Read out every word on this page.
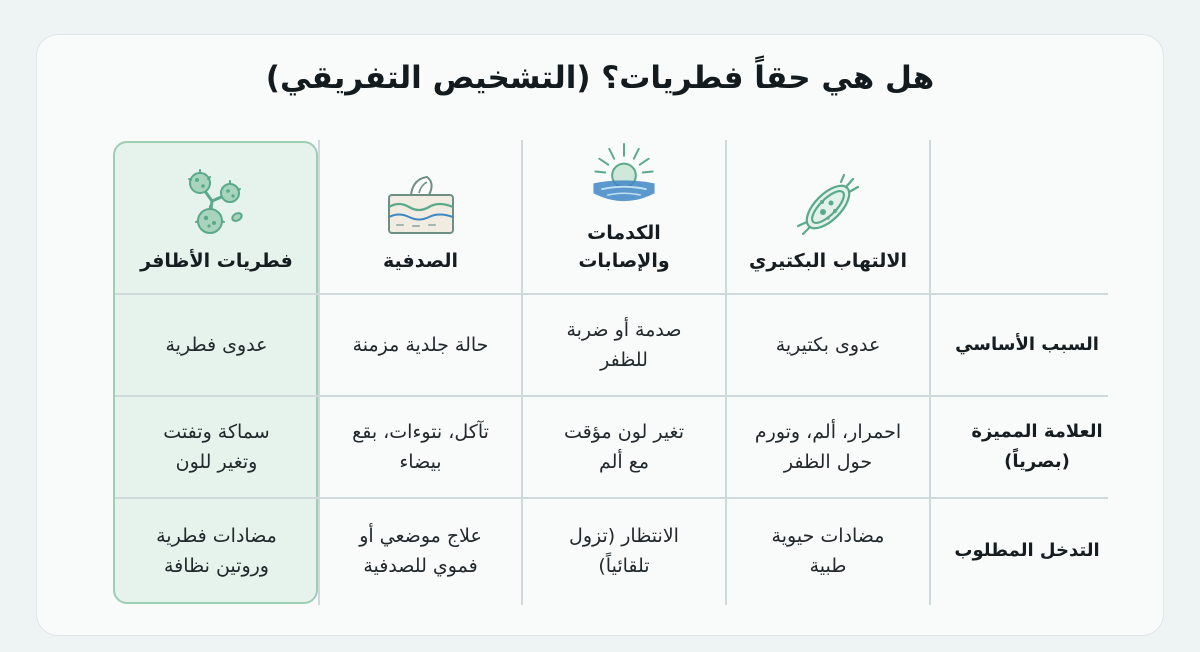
هل هي حقاً فطريات؟ (التشخيص التفريقي)
الالتهاب البكتيري
الكدمات والإصابات
الصدفية
فطريات الأظافر
السبب الأساسي
عدوى بكتيرية
صدمة أو ضربة للظفر
حالة جلدية مزمنة
عدوى فطرية
العلامة المميزة (بصرياً)
احمرار، ألم، وتورم حول الظفر
تغير لون مؤقت مع ألم
تآكل، نتوءات، بقع بيضاء
سماكة وتفتت وتغير للون
التدخل المطلوب
مضادات حيوية طبية
الانتظار (تزول تلقائياً)
علاج موضعي أو فموي للصدفية
مضادات فطرية وروتين نظافة
